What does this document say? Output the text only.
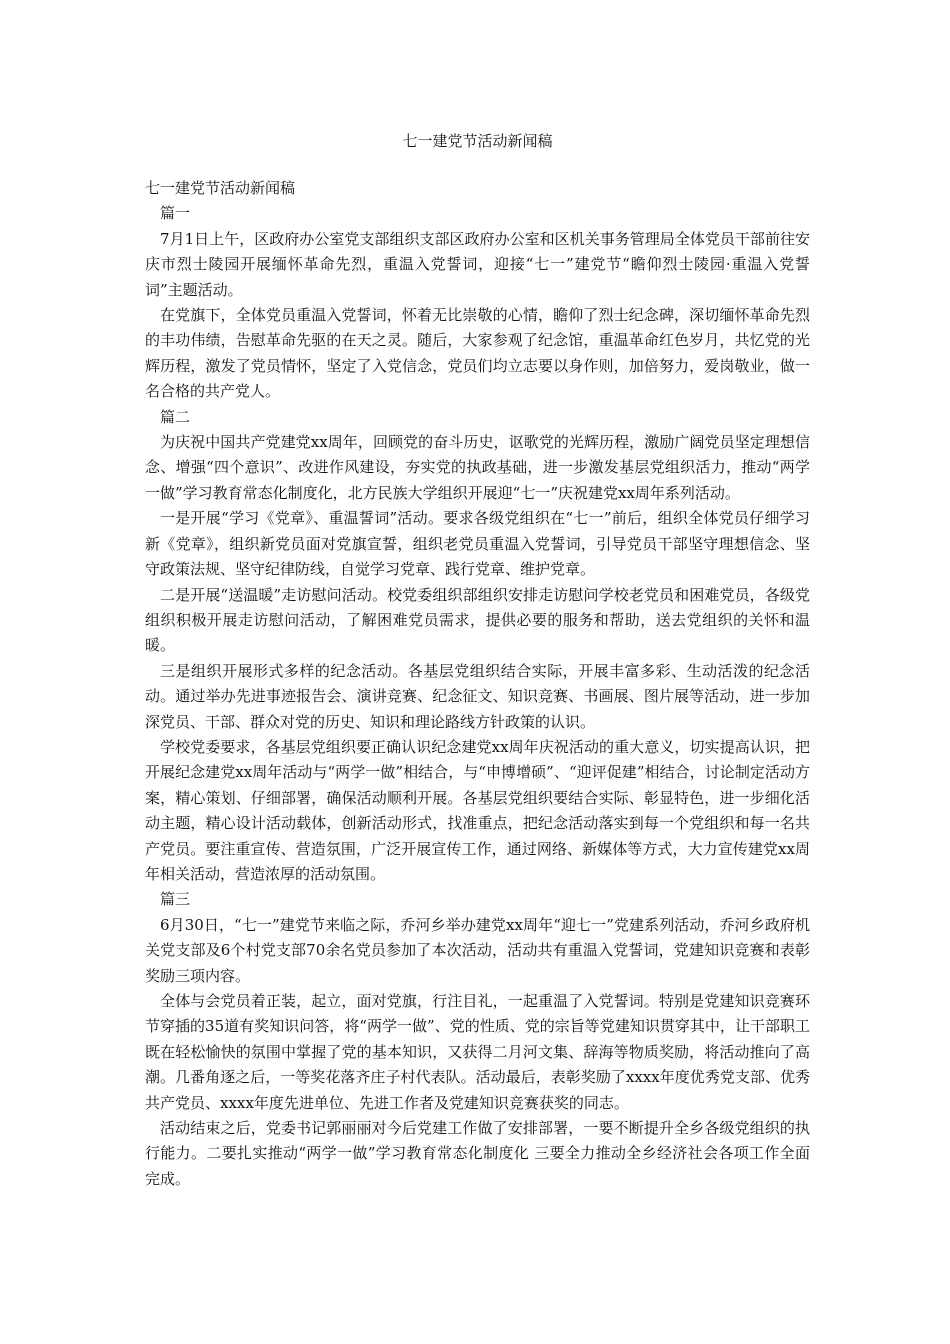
七一建党节活动新闻稿

七一建党节活动新闻稿

篇一

7月1日上午，区政府办公室党支部组织支部区政府办公室和区机关事务管理局全体党员干部前往安庆市烈士陵园开展缅怀革命先烈，重温入党誓词，迎接“七一”建党节“瞻仰烈士陵园·重温入党誓词”主题活动。

在党旗下，全体党员重温入党誓词，怀着无比崇敬的心情，瞻仰了烈士纪念碑，深切缅怀革命先烈的丰功伟绩，告慰革命先驱的在天之灵。随后，大家参观了纪念馆，重温革命红色岁月，共忆党的光辉历程，激发了党员情怀，坚定了入党信念，党员们均立志要以身作则，加倍努力，爱岗敬业，做一名合格的共产党人。

篇二

为庆祝中国共产党建党xx周年，回顾党的奋斗历史，讴歌党的光辉历程，激励广阔党员坚定理想信念、增强“四个意识”、改进作风建设，夯实党的执政基础，进一步激发基层党组织活力，推动“两学一做”学习教育常态化制度化，北方民族大学组织开展迎“七一”庆祝建党xx周年系列活动。

一是开展“学习《党章》、重温誓词”活动。要求各级党组织在“七一”前后，组织全体党员仔细学习新《党章》，组织新党员面对党旗宣誓，组织老党员重温入党誓词，引导党员干部坚守理想信念、坚守政策法规、坚守纪律防线，自觉学习党章、践行党章、维护党章。

二是开展“送温暖”走访慰问活动。校党委组织部组织安排走访慰问学校老党员和困难党员，各级党组织积极开展走访慰问活动，了解困难党员需求，提供必要的服务和帮助，送去党组织的关怀和温暖。

三是组织开展形式多样的纪念活动。各基层党组织结合实际，开展丰富多彩、生动活泼的纪念活动。通过举办先进事迹报告会、演讲竞赛、纪念征文、知识竞赛、书画展、图片展等活动，进一步加深党员、干部、群众对党的历史、知识和理论路线方针政策的认识。

学校党委要求，各基层党组织要正确认识纪念建党xx周年庆祝活动的重大意义，切实提高认识，把开展纪念建党xx周年活动与“两学一做”相结合，与“申博增硕”、“迎评促建”相结合，讨论制定活动方案，精心策划、仔细部署，确保活动顺利开展。各基层党组织要结合实际、彰显特色，进一步细化活动主题，精心设计活动载体，创新活动形式，找准重点，把纪念活动落实到每一个党组织和每一名共产党员。要注重宣传、营造氛围，广泛开展宣传工作，通过网络、新媒体等方式，大力宣传建党xx周年相关活动，营造浓厚的活动氛围。

篇三

6月30日，“七一”建党节来临之际，乔河乡举办建党xx周年“迎七一”党建系列活动，乔河乡政府机关党支部及6个村党支部70余名党员参加了本次活动，活动共有重温入党誓词，党建知识竞赛和表彰奖励三项内容。

全体与会党员着正装，起立，面对党旗，行注目礼，一起重温了入党誓词。特别是党建知识竞赛环节穿插的35道有奖知识问答，将“两学一做”、党的性质、党的宗旨等党建知识贯穿其中，让干部职工既在轻松愉快的氛围中掌握了党的基本知识，又获得二月河文集、辞海等物质奖励，将活动推向了高潮。几番角逐之后，一等奖花落齐庄子村代表队。活动最后，表彰奖励了xxxx年度优秀党支部、优秀共产党员、xxxx年度先进单位、先进工作者及党建知识竞赛获奖的同志。

活动结束之后，党委书记郭丽丽对今后党建工作做了安排部署，一要不断提升全乡各级党组织的执行能力。二要扎实推动“两学一做”学习教育常态化制度化 三要全力推动全乡经济社会各项工作全面完成。
